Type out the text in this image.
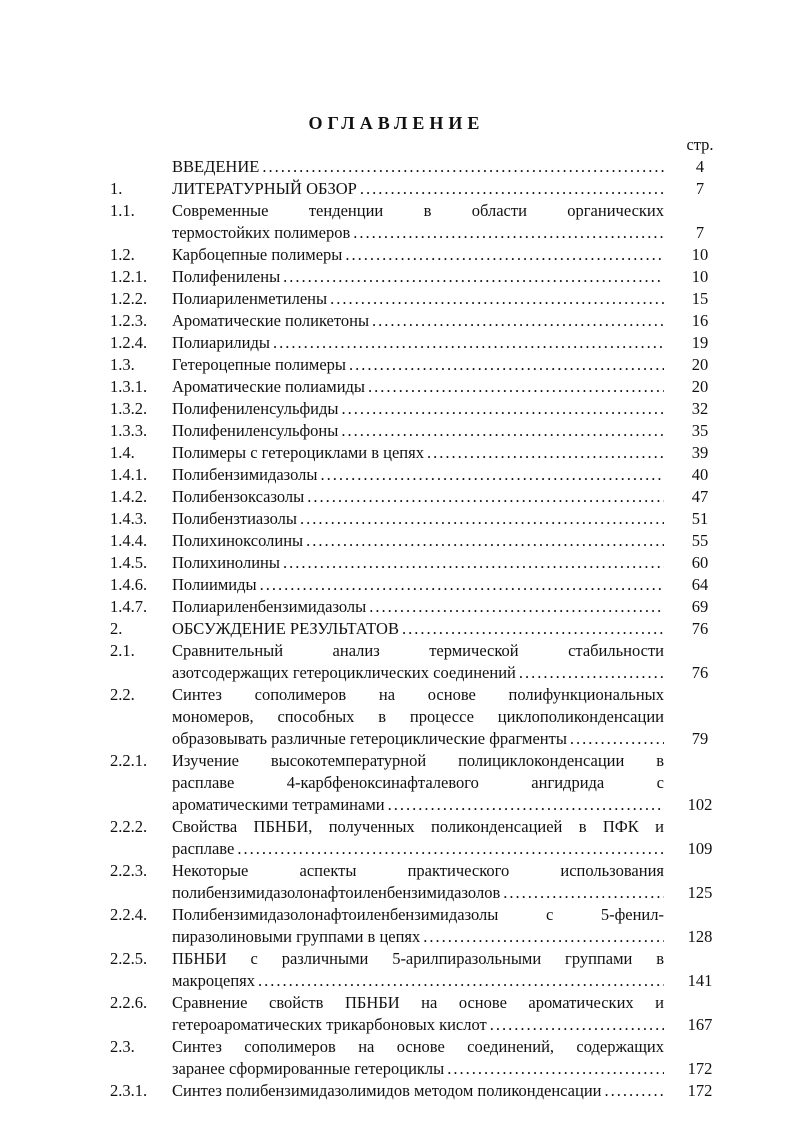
ОГЛАВЛЕНИЕ
стр.
ВВЕДЕНИЕ .....	4
1.	ЛИТЕРАТУРНЫЙ ОБЗОР .....	7
1.1. Современные тенденции в области органических
термостойких полимеров .....	7
1.2. Карбоцепные полимеры .....	10
1.2.1. Полифенилены .....	10
1.2.2. Полиариленметилены .....	15
1.2.3. Ароматические поликетоны .....	16
1.2.4. Полиарилиды .....	19
1.3. Гетероцепные полимеры .....	20
1.3.1. Ароматические полиамиды .....	20
1.3.2. Полифениленсульфиды .....	32
1.3.3. Полифениленсульфоны .....	35
1.4. Полимеры с гетероциклами в цепях .....	39
1.4.1. Полибензимидазолы .....	40
1.4.2. Полибензоксазолы .....	47
1.4.3. Полибензтиазолы .....	51
1.4.4. Полихиноксолины .....	55
1.4.5. Полихинолины .....	60
1.4.6. Полиимиды .....	64
1.4.7. Полиариленбензимидазолы .....	69
2.	ОБСУЖДЕНИЕ РЕЗУЛЬТАТОВ .....	76
2.1. Сравнительный анализ термической стабильности
азотсодержащих гетероциклических соединений .....	76
2.2. Синтез сополимеров на основе полифункциональных
мономеров, способных в процессе циклополиконденсации
образовывать различные гетероциклические фрагменты .....	79
2.2.1. Изучение высокотемпературной полициклоконденсации в
расплаве 4-карбфеноксинафталевого ангидрида с
ароматическими тетраминами .....	102
2.2.2. Свойства ПБНБИ, полученных поликонденсацией в ПФК и
расплаве .....	109
2.2.3. Некоторые аспекты практического использования
полибензимидазолонафтоиленбензимидазолов .....	125
2.2.4. Полибензимидазолонафтоиленбензимидазолы с 5-фенил-
пиразолиновыми группами в цепях .....	128
2.2.5. ПБНБИ с различными 5-арилпиразольными группами в
макроцепях .....	141
2.2.6. Сравнение свойств ПБНБИ на основе ароматических и
гетероароматических трикарбоновых кислот .....	167
2.3. Синтез сополимеров на основе соединений, содержащих
заранее сформированные гетероциклы .....	172
2.3.1. Синтез полибензимидазолимидов методом поликонденсации .....	172
